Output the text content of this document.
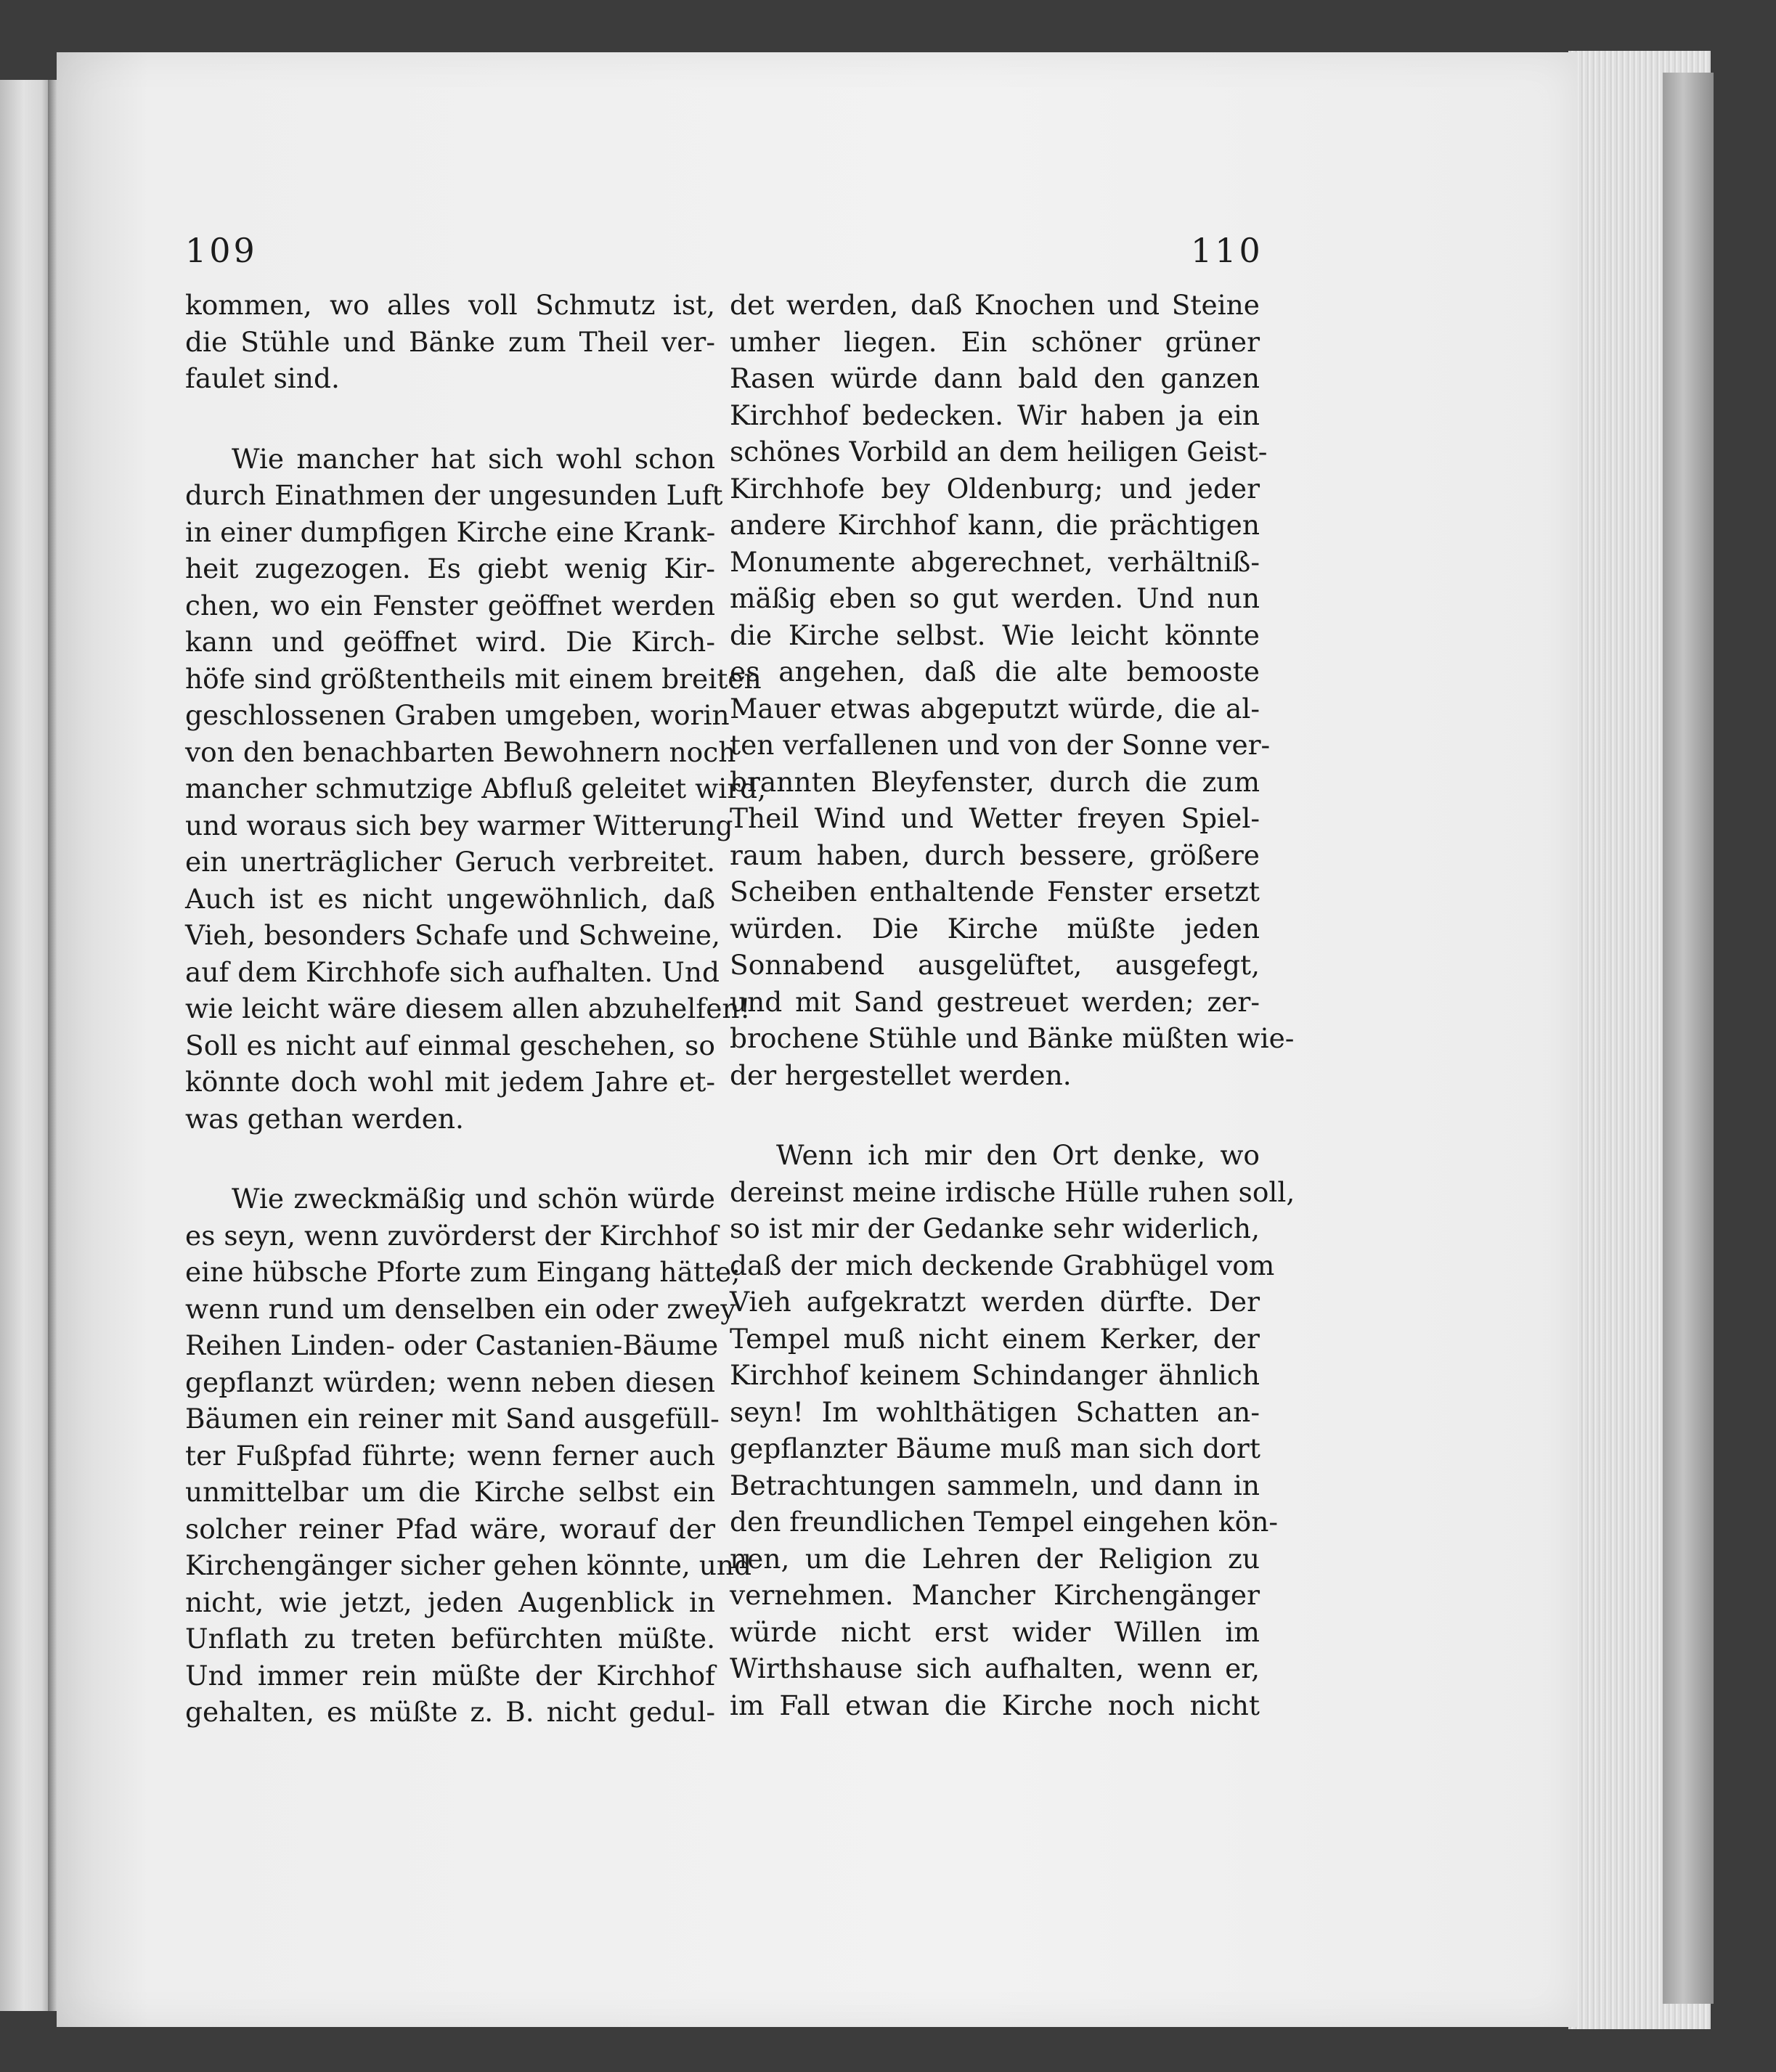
109	110
kommen, wo alles voll Schmutz ist,
die Stühle und Bänke zum Theil ver-
faulet sind.
Wie mancher hat sich wohl schon
durch Einathmen der ungesunden Luft
in einer dumpfigen Kirche eine Krank-
heit zugezogen. Es giebt wenig Kir-
chen, wo ein Fenster geöffnet werden
kann und geöffnet wird. Die Kirch-
höfe sind größtentheils mit einem breiten
geschlossenen Graben umgeben, worin
von den benachbarten Bewohnern noch
mancher schmutzige Abfluß geleitet wird,
und woraus sich bey warmer Witterung
ein unerträglicher Geruch verbreitet.
Auch ist es nicht ungewöhnlich, daß
Vieh, besonders Schafe und Schweine,
auf dem Kirchhofe sich aufhalten. Und
wie leicht wäre diesem allen abzuhelfen!
Soll es nicht auf einmal geschehen, so
könnte doch wohl mit jedem Jahre et-
was gethan werden.
Wie zweckmäßig und schön würde
es seyn, wenn zuvörderst der Kirchhof
eine hübsche Pforte zum Eingang hätte;
wenn rund um denselben ein oder zwey
Reihen Linden- oder Castanien-Bäume
gepflanzt würden; wenn neben diesen
Bäumen ein reiner mit Sand ausgefüll-
ter Fußpfad führte; wenn ferner auch
unmittelbar um die Kirche selbst ein
solcher reiner Pfad wäre, worauf der
Kirchengänger sicher gehen könnte, und
nicht, wie jetzt, jeden Augenblick in
Unflath zu treten befürchten müßte.
Und immer rein müßte der Kirchhof
gehalten, es müßte z. B. nicht gedul-
det werden, daß Knochen und Steine
umher liegen. Ein schöner grüner
Rasen würde dann bald den ganzen
Kirchhof bedecken. Wir haben ja ein
schönes Vorbild an dem heiligen Geist-
Kirchhofe bey Oldenburg; und jeder
andere Kirchhof kann, die prächtigen
Monumente abgerechnet, verhältniß-
mäßig eben so gut werden. Und nun
die Kirche selbst. Wie leicht könnte
es angehen, daß die alte bemooste
Mauer etwas abgeputzt würde, die al-
ten verfallenen und von der Sonne ver-
brannten Bleyfenster, durch die zum
Theil Wind und Wetter freyen Spiel-
raum haben, durch bessere, größere
Scheiben enthaltende Fenster ersetzt
würden. Die Kirche müßte jeden
Sonnabend ausgelüftet, ausgefegt,
und mit Sand gestreuet werden; zer-
brochene Stühle und Bänke müßten wie-
der hergestellet werden.
Wenn ich mir den Ort denke, wo
dereinst meine irdische Hülle ruhen soll,
so ist mir der Gedanke sehr widerlich,
daß der mich deckende Grabhügel vom
Vieh aufgekratzt werden dürfte. Der
Tempel muß nicht einem Kerker, der
Kirchhof keinem Schindanger ähnlich
seyn! Im wohlthätigen Schatten an-
gepflanzter Bäume muß man sich dort
Betrachtungen sammeln, und dann in
den freundlichen Tempel eingehen kön-
nen, um die Lehren der Religion zu
vernehmen. Mancher Kirchengänger
würde nicht erst wider Willen im
Wirthshause sich aufhalten, wenn er,
im Fall etwan die Kirche noch nicht
